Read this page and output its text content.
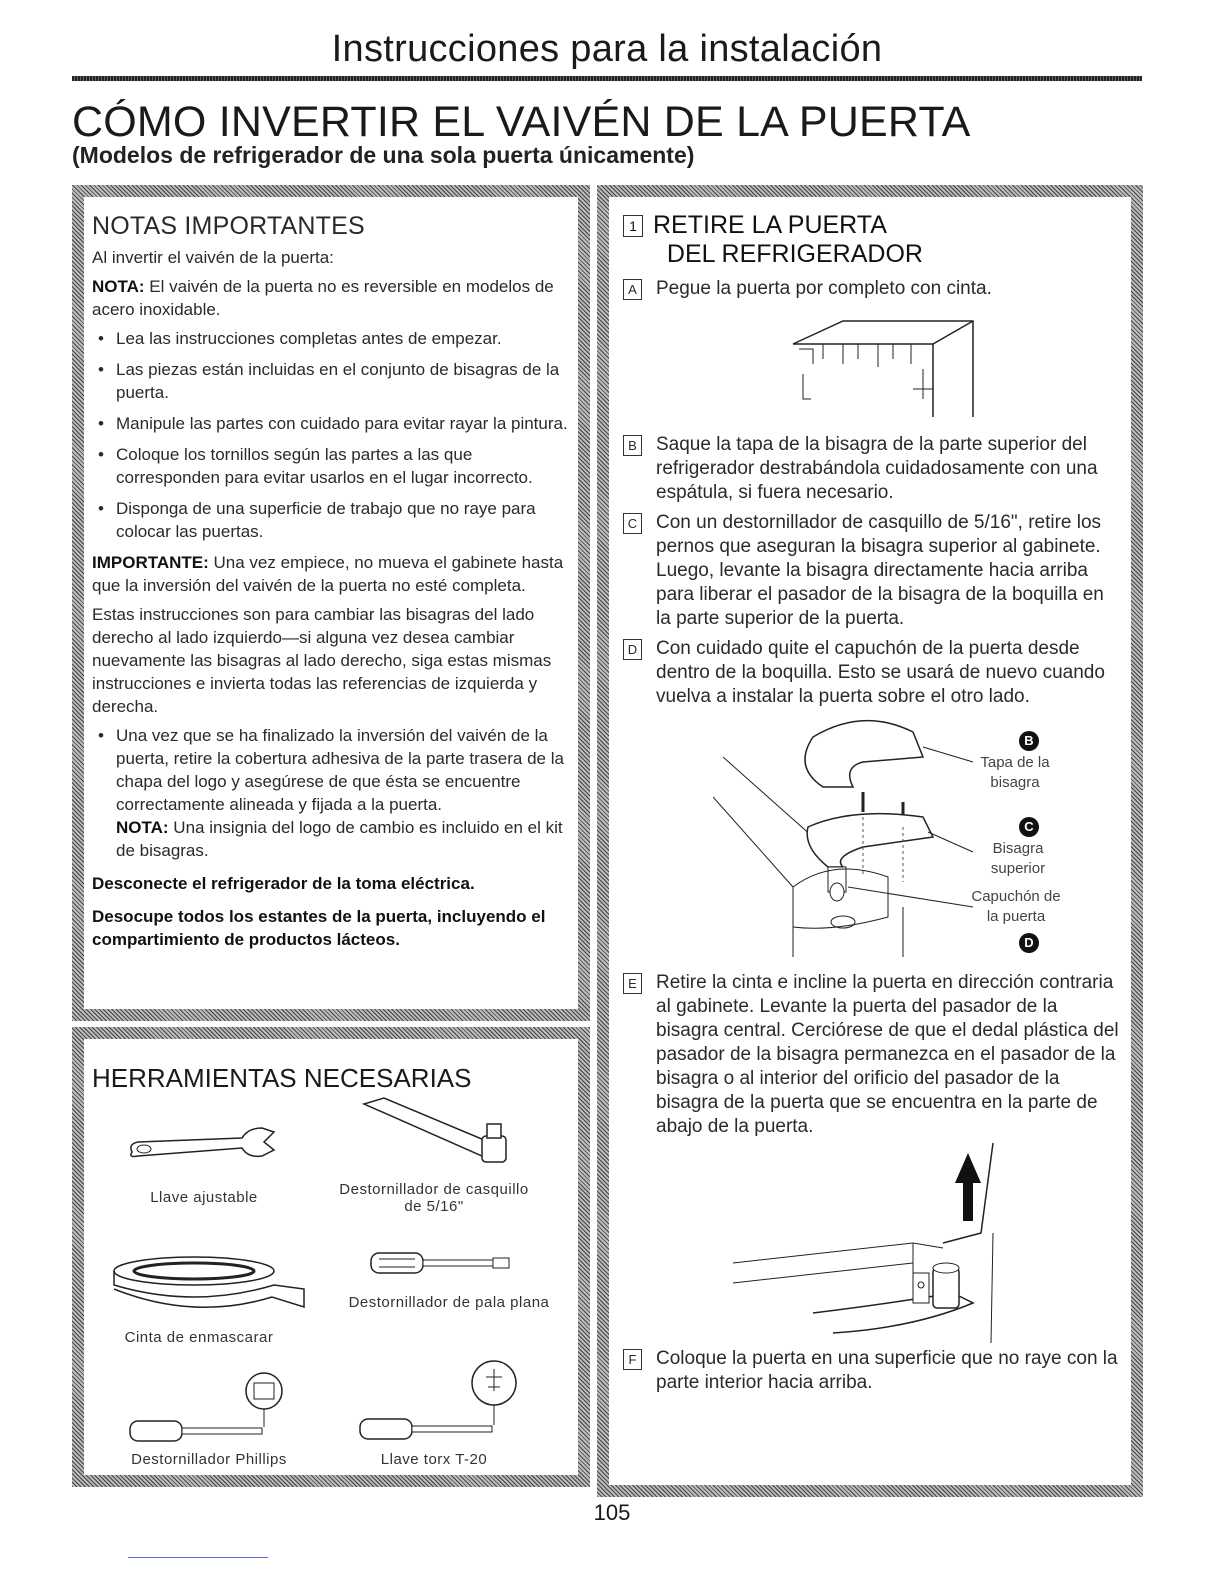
Instrucciones para la instalación
CÓMO INVERTIR EL VAIVÉN DE LA PUERTA
(Modelos de refrigerador de una sola puerta únicamente)
NOTAS IMPORTANTES

Al invertir el vaivén de la puerta:

NOTA: El vaivén de la puerta no es reversible en modelos de acero inoxidable.

• Lea las instrucciones completas antes de empezar.
• Las piezas están incluidas en el conjunto de bisagras de la puerta.
• Manipule las partes con cuidado para evitar rayar la pintura.
• Coloque los tornillos según las partes a las que corresponden para evitar usarlos en el lugar incorrecto.
• Disponga de una superficie de trabajo que no raye para colocar las puertas.

IMPORTANTE: Una vez empiece, no mueva el gabinete hasta que la inversión del vaivén de la puerta no esté completa.

Estas instrucciones son para cambiar las bisagras del lado derecho al lado izquierdo—si alguna vez desea cambiar nuevamente las bisagras al lado derecho, siga estas mismas instrucciones e invierta todas las referencias de izquierda y derecha.

• Una vez que se ha finalizado la inversión del vaivén de la puerta, retire la cobertura adhesiva de la parte trasera de la chapa del logo y asegúrese de que ésta se encuentre correctamente alineada y fijada a la puerta.
NOTA: Una insignia del logo de cambio es incluido en el kit de bisagras.

Desconecte el refrigerador de la toma eléctrica.

Desocupe todos los estantes de la puerta, incluyendo el compartimiento de productos lácteos.

HERRAMIENTAS NECESARIAS
Llave ajustable	Destornillador de casquillo de 5/16"
Cinta de enmascarar
Destornillador de pala plana
Destornillador Phillips	Llave torx T-20
1 RETIRE LA PUERTA
DEL REFRIGERADOR
A Pegue la puerta por completo con cinta.
B Saque la tapa de la bisagra de la parte superior del refrigerador destrabándola cuidadosamente con una espátula, si fuera necesario.
C Con un destornillador de casquillo de 5/16", retire los pernos que aseguran la bisagra superior al gabinete. Luego, levante la bisagra directamente hacia arriba para liberar el pasador de la bisagra de la boquilla en la parte superior de la puerta.
D Con cuidado quite el capuchón de la puerta desde dentro de la boquilla. Esto se usará de nuevo cuando vuelva a instalar la puerta sobre el otro lado.
B
Tapa de la bisagra
C
Bisagra superior
Capuchón de la puerta
D
E Retire la cinta e incline la puerta en dirección contraria al gabinete. Levante la puerta del pasador de la bisagra central. Cerciórese de que el dedal plástica del pasador de la bisagra permanezca en el pasador de la bisagra o al interior del orificio del pasador de la bisagra de la puerta que se encuentra en la parte de abajo de la puerta.
F Coloque la puerta en una superficie que no raye con la parte interior hacia arriba.
105
